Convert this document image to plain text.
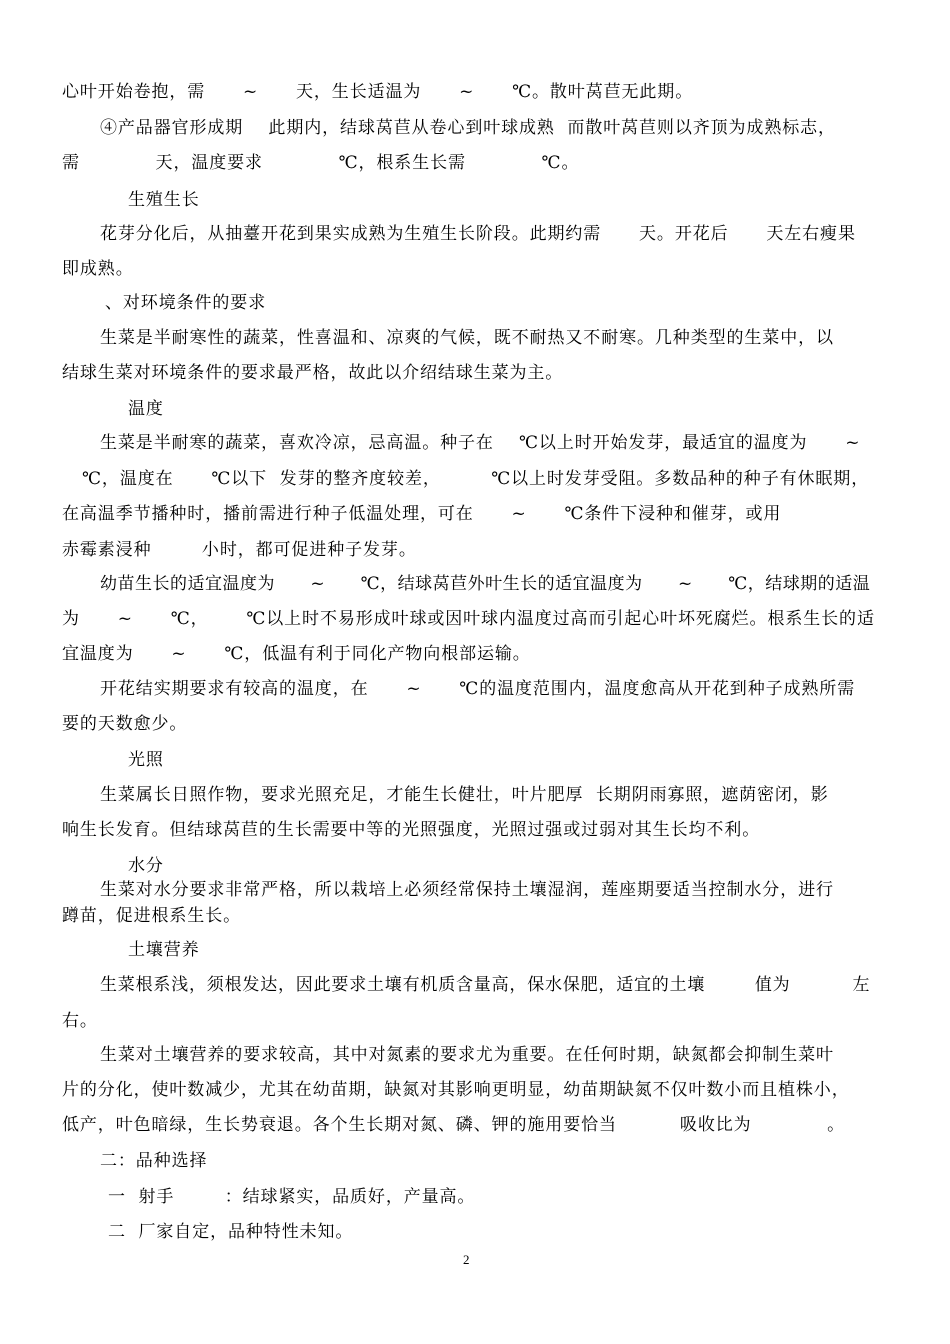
心叶开始卷抱，需      ~      天，生长适温为      ~      ℃。散叶莴苣无此期。
④产品器官形成期    此期内，结球莴苣从卷心到叶球成熟  而散叶莴苣则以齐顶为成熟标志，
需            天，温度要求            ℃，根系生长需            ℃。
生殖生长
花芽分化后，从抽薹开花到果实成熟为生殖生长阶段。此期约需      天。开花后      天左右瘦果
即成熟。
、对环境条件的要求
生菜是半耐寒性的蔬菜，性喜温和、凉爽的气候，既不耐热又不耐寒。几种类型的生菜中，以
结球生菜对环境条件的要求最严格，故此以介绍结球生菜为主。
温度
生菜是半耐寒的蔬菜，喜欢冷凉，忌高温。种子在    ℃以上时开始发芽，最适宜的温度为      ~
℃，温度在      ℃以下  发芽的整齐度较差，        ℃以上时发芽受阻。多数品种的种子有休眠期，
在高温季节播种时，播前需进行种子低温处理，可在      ~      ℃条件下浸种和催芽，或用
赤霉素浸种        小时，都可促进种子发芽。
幼苗生长的适宜温度为      ~      ℃，结球莴苣外叶生长的适宜温度为      ~      ℃，结球期的适温
为      ~      ℃，      ℃以上时不易形成叶球或因叶球内温度过高而引起心叶坏死腐烂。根系生长的适
宜温度为      ~      ℃，低温有利于同化产物向根部运输。
开花结实期要求有较高的温度，在      ~      ℃的温度范围内，温度愈高从开花到种子成熟所需
要的天数愈少。
光照
生菜属长日照作物，要求光照充足，才能生长健壮，叶片肥厚  长期阴雨寡照，遮荫密闭，影
响生长发育。但结球莴苣的生长需要中等的光照强度，光照过强或过弱对其生长均不利。
水分
生菜对水分要求非常严格，所以栽培上必须经常保持土壤湿润，莲座期要适当控制水分，进行
蹲苗，促进根系生长。
土壤营养
生菜根系浅，须根发达，因此要求土壤有机质含量高，保水保肥，适宜的土壤        值为          左
右。
生菜对土壤营养的要求较高，其中对氮素的要求尤为重要。在任何时期，缺氮都会抑制生菜叶
片的分化，使叶数减少，尤其在幼苗期，缺氮对其影响更明显，幼苗期缺氮不仅叶数小而且植株小，
低产，叶色暗绿，生长势衰退。各个生长期对氮、磷、钾的施用要恰当          吸收比为            。
二：品种选择
一  射手        ：结球紧实，品质好，产量高。
二  厂家自定，品种特性未知。
2
